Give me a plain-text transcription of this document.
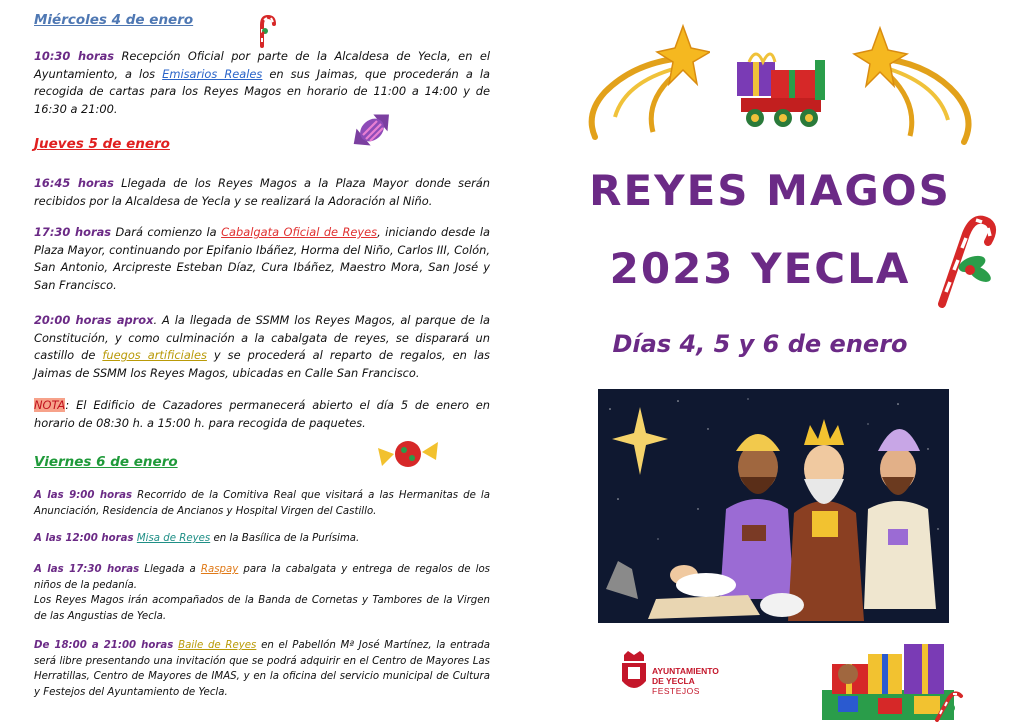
Miércoles 4 de enero
10:30 horas Recepción Oficial por parte de la Alcaldesa de Yecla, en el Ayuntamiento, a los Emisarios Reales en sus Jaimas, que procederán a la recogida de cartas para los Reyes Magos en horario de 11:00 a 14:00 y de 16:30 a 21:00.
Jueves 5 de enero
16:45 horas Llegada de los Reyes Magos a la Plaza Mayor donde serán recibidos por la Alcaldesa de Yecla y se realizará la Adoración al Niño.
17:30 horas Dará comienzo la Cabalgata Oficial de Reyes, iniciando desde la Plaza Mayor, continuando por Epifanio Ibáñez, Horma del Niño, Carlos III, Colón, San Antonio, Arcipreste Esteban Díaz, Cura Ibáñez, Maestro Mora, San José y San Francisco.
20:00 horas aprox. A la llegada de SSMM los Reyes Magos, al parque de la Constitución, y como culminación a la cabalgata de reyes, se disparará un castillo de fuegos artificiales y se procederá al reparto de regalos, en las Jaimas de SSMM los Reyes Magos, ubicadas en Calle San Francisco.
NOTA: El Edificio de Cazadores permanecerá abierto el día 5 de enero en horario de 08:30 h. a 15:00 h. para recogida de paquetes.
Viernes 6 de enero
A las 9:00 horas Recorrido de la Comitiva Real que visitará a las Hermanitas de la Anunciación, Residencia de Ancianos y Hospital Virgen del Castillo.
A las 12:00 horas Misa de Reyes en la Basílica de la Purísima.
A las 17:30 horas Llegada a Raspay para la cabalgata y entrega de regalos de los niños de la pedanía.
Los Reyes Magos irán acompañados de la Banda de Cornetas y Tambores de la Virgen de las Angustias de Yecla.
De 18:00 a 21:00 horas Baile de Reyes en el Pabellón Mª José Martínez, la entrada será libre presentando una invitación que se podrá adquirir en el Centro de Mayores Las Herratillas, Centro de Mayores de IMAS, y en la oficina del servicio municipal de Cultura y Festejos del Ayuntamiento de Yecla.
REYES MAGOS
2023 YECLA
Días 4, 5 y 6 de enero
AYUNTAMIENTO
DE YECLA
FESTEJOS
